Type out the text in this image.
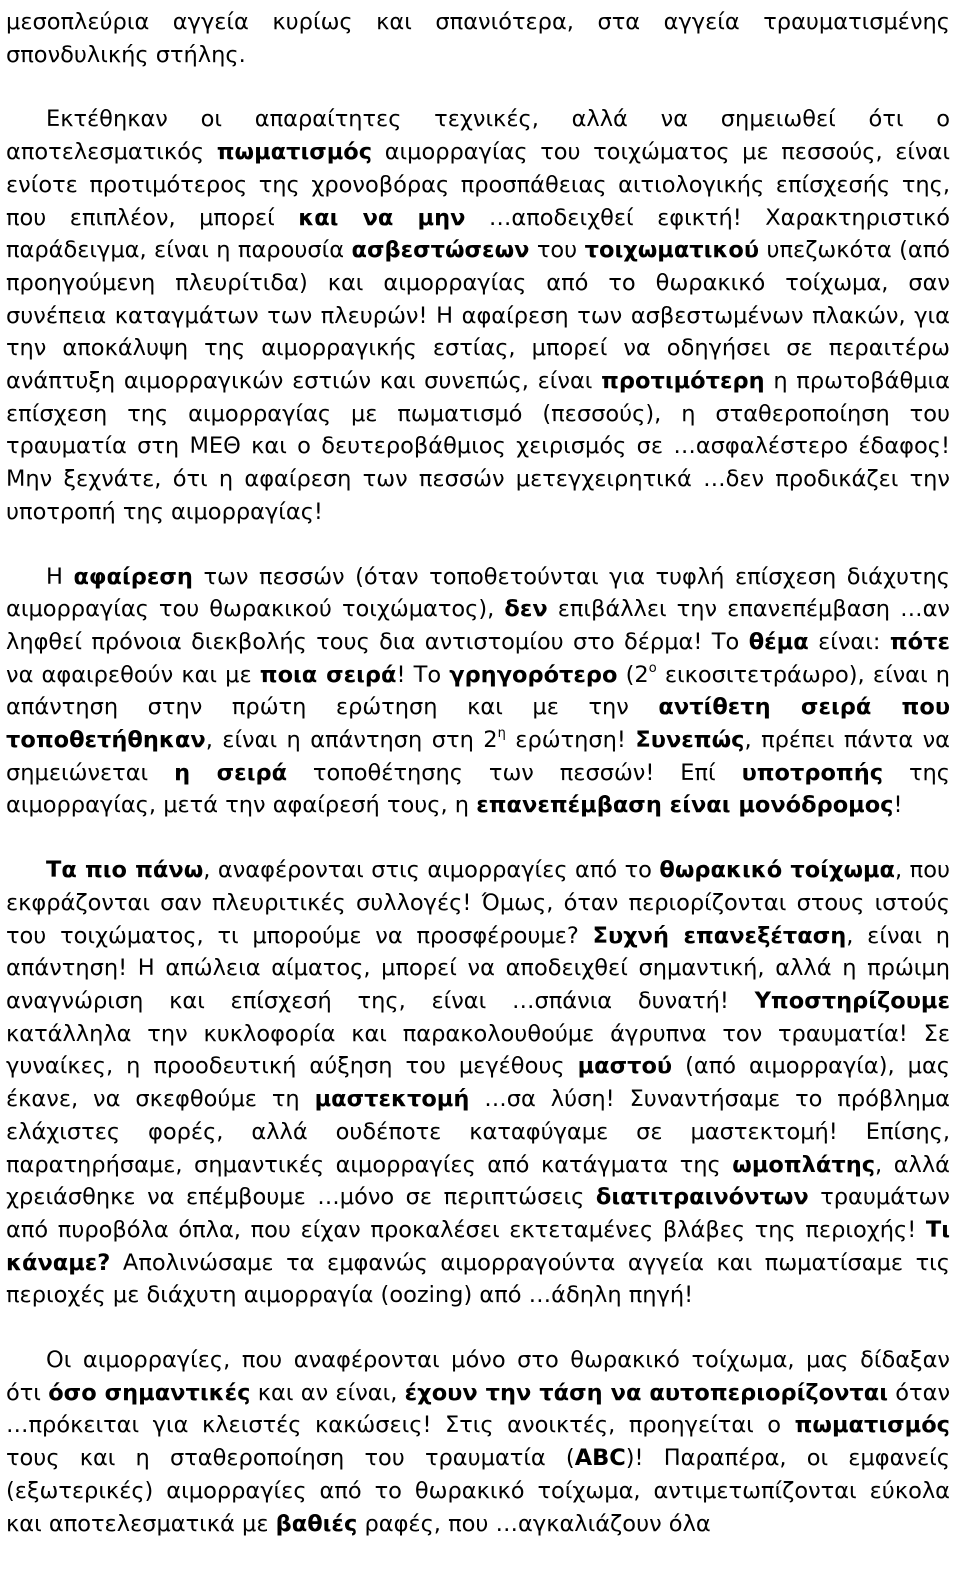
μεσοπλεύρια αγγεία κυρίως και σπανιότερα, στα αγγεία τραυματισμένης σπονδυλικής στήλης.

Εκτέθηκαν οι απαραίτητες τεχνικές, αλλά να σημειωθεί ότι ο αποτελεσματικός πωματισμός αιμορραγίας του τοιχώματος με πεσσούς, είναι ενίοτε προτιμότερος της χρονοβόρας προσπάθειας αιτιολογικής επίσχεσής της, που επιπλέον, μπορεί και να μην …αποδειχθεί εφικτή! Χαρακτηριστικό παράδειγμα, είναι η παρουσία ασβεστώσεων του τοιχωματικού υπεζωκότα (από προηγούμενη πλευρίτιδα) και αιμορραγίας από το θωρακικό τοίχωμα, σαν συνέπεια καταγμάτων των πλευρών! Η αφαίρεση των ασβεστωμένων πλακών, για την αποκάλυψη της αιμορραγικής εστίας, μπορεί να οδηγήσει σε περαιτέρω ανάπτυξη αιμορραγικών εστιών και συνεπώς, είναι προτιμότερη η πρωτοβάθμια επίσχεση της αιμορραγίας με πωματισμό (πεσσούς), η σταθεροποίηση του τραυματία στη ΜΕΘ και ο δευτεροβάθμιος χειρισμός σε …ασφαλέστερο έδαφος! Μην ξεχνάτε, ότι η αφαίρεση των πεσσών μετεγχειρητικά …δεν προδικάζει την υποτροπή της αιμορραγίας!

Η αφαίρεση των πεσσών (όταν τοποθετούνται για τυφλή επίσχεση διάχυτης αιμορραγίας του θωρακικού τοιχώματος), δεν επιβάλλει την επανεπέμβαση …αν ληφθεί πρόνοια διεκβολής τους δια αντιστομίου στο δέρμα! Το θέμα είναι: πότε να αφαιρεθούν και με ποια σειρά! Το γρηγορότερο ($2^o$ εικοσιτετράωρο), είναι η απάντηση στην πρώτη ερώτηση και με την αντίθετη σειρά που τοποθετήθηκαν, είναι η απάντηση στη $2^\eta$ ερώτηση! Συνεπώς, πρέπει πάντα να σημειώνεται η σειρά τοποθέτησης των πεσσών! Επί υποτροπής της αιμορραγίας, μετά την αφαίρεσή τους, η επανεπέμβαση είναι μονόδρομος!

Τα πιο πάνω, αναφέρονται στις αιμορραγίες από το θωρακικό τοίχωμα, που εκφράζονται σαν πλευριτικές συλλογές! Όμως, όταν περιορίζονται στους ιστούς του τοιχώματος, τι μπορούμε να προσφέρουμε? Συχνή επανεξέταση, είναι η απάντηση! Η απώλεια αίματος, μπορεί να αποδειχθεί σημαντική, αλλά η πρώιμη αναγνώριση και επίσχεσή της, είναι …σπάνια δυνατή! Υποστηρίζουμε κατάλληλα την κυκλοφορία και παρακολουθούμε άγρυπνα τον τραυματία! Σε γυναίκες, η προοδευτική αύξηση του μεγέθους μαστού (από αιμορραγία), μας έκανε, να σκεφθούμε τη μαστεκτομή …σα λύση! Συναντήσαμε το πρόβλημα ελάχιστες φορές, αλλά ουδέποτε καταφύγαμε σε μαστεκτομή! Επίσης, παρατηρήσαμε, σημαντικές αιμορραγίες από κατάγματα της ωμοπλάτης, αλλά χρειάσθηκε να επέμβουμε …μόνο σε περιπτώσεις διατιτραινόντων τραυμάτων από πυροβόλα όπλα, που είχαν προκαλέσει εκτεταμένες βλάβες της περιοχής! Τι κάναμε? Απολινώσαμε τα εμφανώς αιμορραγούντα αγγεία και πωματίσαμε τις περιοχές με διάχυτη αιμορραγία (oozing) από …άδηλη πηγή!

Οι αιμορραγίες, που αναφέρονται μόνο στο θωρακικό τοίχωμα, μας δίδαξαν ότι όσο σημαντικές και αν είναι, έχουν την τάση να αυτοπεριορίζονται όταν …πρόκειται για κλειστές κακώσεις! Στις ανοικτές, προηγείται ο πωματισμός τους και η σταθεροποίηση του τραυματία (ABC)! Παραπέρα, οι εμφανείς (εξωτερικές) αιμορραγίες από το θωρακικό τοίχωμα, αντιμετωπίζονται εύκολα και αποτελεσματικά με βαθιές ραφές, που …αγκαλιάζουν όλα
